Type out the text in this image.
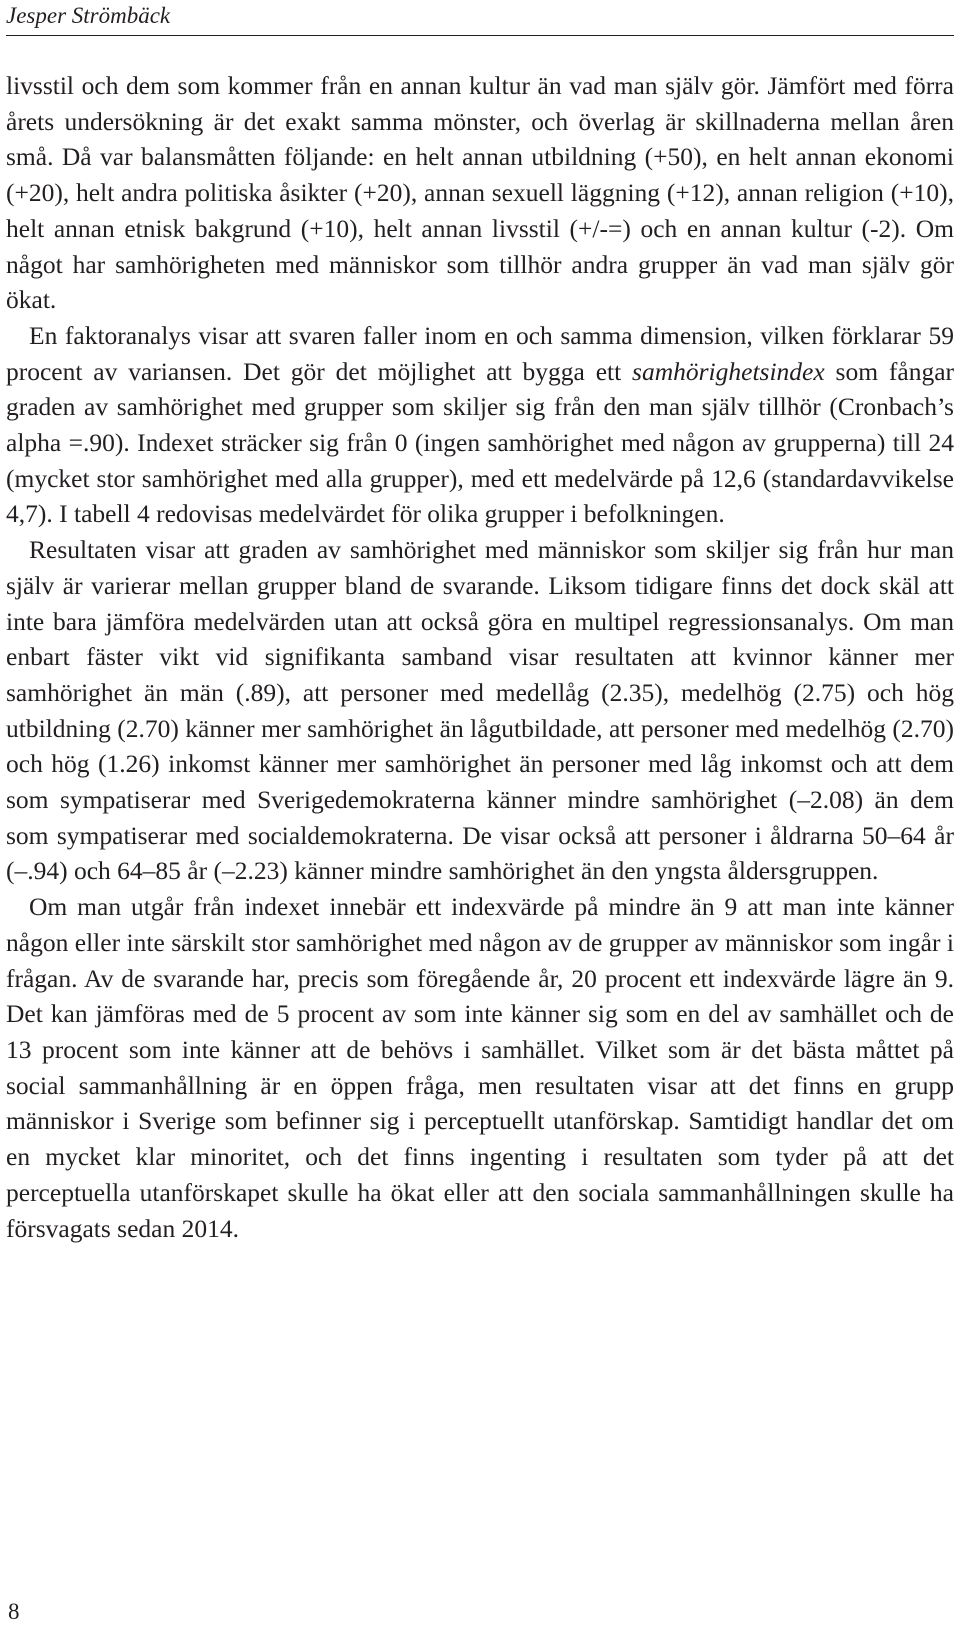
Jesper Strömbäck

livsstil och dem som kommer från en annan kultur än vad man själv gör. Jämfört med förra årets undersökning är det exakt samma mönster, och överlag är skillnaderna mellan åren små. Då var balansmåtten följande: en helt annan utbildning (+50), en helt annan ekonomi (+20), helt andra politiska åsikter (+20), annan sexuell läggning (+12), annan religion (+10), helt annan etnisk bakgrund (+10), helt annan livsstil (+/-=) och en annan kultur (-2). Om något har samhörigheten med människor som tillhör andra grupper än vad man själv gör ökat.

En faktoranalys visar att svaren faller inom en och samma dimension, vilken förklarar 59 procent av variansen. Det gör det möjlighet att bygga ett samhörighetsindex som fångar graden av samhörighet med grupper som skiljer sig från den man själv tillhör (Cronbach’s alpha =.90). Indexet sträcker sig från 0 (ingen samhörighet med någon av grupperna) till 24 (mycket stor samhörighet med alla grupper), med ett medelvärde på 12,6 (standardavvikelse 4,7). I tabell 4 redovisas medelvärdet för olika grupper i befolkningen.

Resultaten visar att graden av samhörighet med människor som skiljer sig från hur man själv är varierar mellan grupper bland de svarande. Liksom tidigare finns det dock skäl att inte bara jämföra medelvärden utan att också göra en multipel regressionsanalys. Om man enbart fäster vikt vid signifikanta samband visar resultaten att kvinnor känner mer samhörighet än män (.89), att personer med medellåg (2.35), medelhög (2.75) och hög utbildning (2.70) känner mer samhörighet än lågutbildade, att personer med medelhög (2.70) och hög (1.26) inkomst känner mer samhörighet än personer med låg inkomst och att dem som sympatiserar med Sverigedemokraterna känner mindre samhörighet (–2.08) än dem som sympatiserar med socialdemokraterna. De visar också att personer i åldrarna 50–64 år (–.94) och 64–85 år (–2.23) känner mindre samhörighet än den yngsta åldersgruppen.

Om man utgår från indexet innebär ett indexvärde på mindre än 9 att man inte känner någon eller inte särskilt stor samhörighet med någon av de grupper av människor som ingår i frågan. Av de svarande har, precis som föregående år, 20 procent ett indexvärde lägre än 9. Det kan jämföras med de 5 procent av som inte känner sig som en del av samhället och de 13 procent som inte känner att de behövs i samhället. Vilket som är det bästa måttet på social sammanhållning är en öppen fråga, men resultaten visar att det finns en grupp människor i Sverige som befinner sig i perceptuellt utanförskap. Samtidigt handlar det om en mycket klar minoritet, och det finns ingenting i resultaten som tyder på att det perceptuella utanförskapet skulle ha ökat eller att den sociala sammanhållningen skulle ha försvagats sedan 2014.

8
